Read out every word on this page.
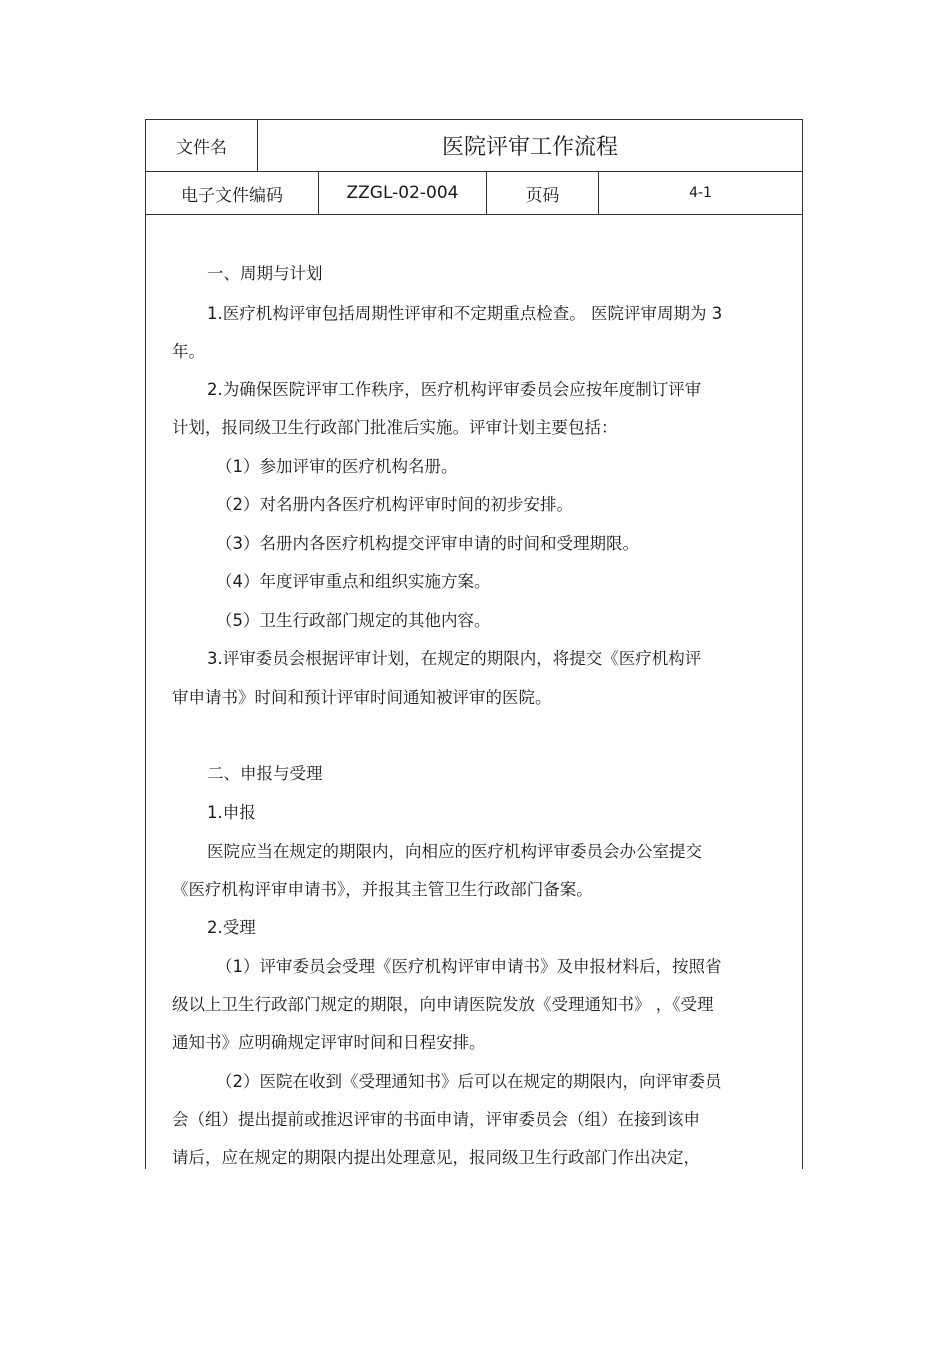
文件名	医院评审工作流程
电子文件编码	ZZGL-02-004	页码	4-1
一、周期与计划
1.医疗机构评审包括周期性评审和不定期重点检查。 医院评审周期为 3
年。
2.为确保医院评审工作秩序，医疗机构评审委员会应按年度制订评审
计划，报同级卫生行政部门批准后实施。评审计划主要包括：
（1）参加评审的医疗机构名册。
（2）对名册内各医疗机构评审时间的初步安排。
（3）名册内各医疗机构提交评审申请的时间和受理期限。
（4）年度评审重点和组织实施方案。
（5）卫生行政部门规定的其他内容。
3.评审委员会根据评审计划，在规定的期限内，将提交《医疗机构评
审申请书》时间和预计评审时间通知被评审的医院。
二、申报与受理
1.申报
医院应当在规定的期限内，向相应的医疗机构评审委员会办公室提交
《医疗机构评审申请书》，并报其主管卫生行政部门备案。
2.受理
（1）评审委员会受理《医疗机构评审申请书》及申报材料后，按照省
级以上卫生行政部门规定的期限，向申请医院发放《受理通知书》 ，《受理
通知书》应明确规定评审时间和日程安排。
（2）医院在收到《受理通知书》后可以在规定的期限内，向评审委员
会（组）提出提前或推迟评审的书面申请，评审委员会（组）在接到该申
请后，应在规定的期限内提出处理意见，报同级卫生行政部门作出决定，
